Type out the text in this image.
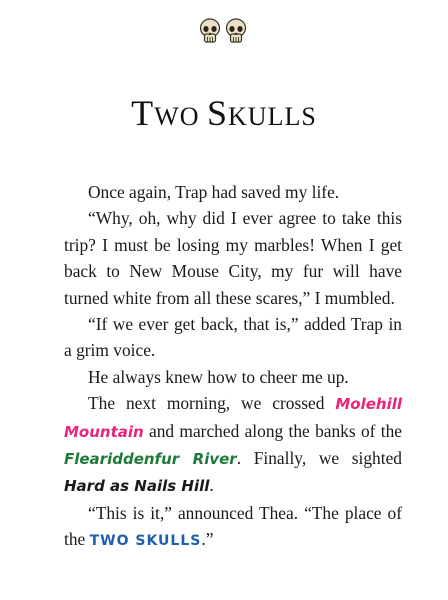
TWO SKULLS

Once again, Trap had saved my life.

“Why, oh, why did I ever agree to take this trip? I must be losing my marbles! When I get back to New Mouse City, my fur will have turned white from all these scares,” I mumbled.

“If we ever get back, that is,” added Trap in a grim voice.

He always knew how to cheer me up.

The next morning, we crossed Molehill Mountain and marched along the banks of the Fleariddenfur River. Finally, we sighted Hard as Nails Hill.

“This is it,” announced Thea. “The place of the TWO SKULLS.”
